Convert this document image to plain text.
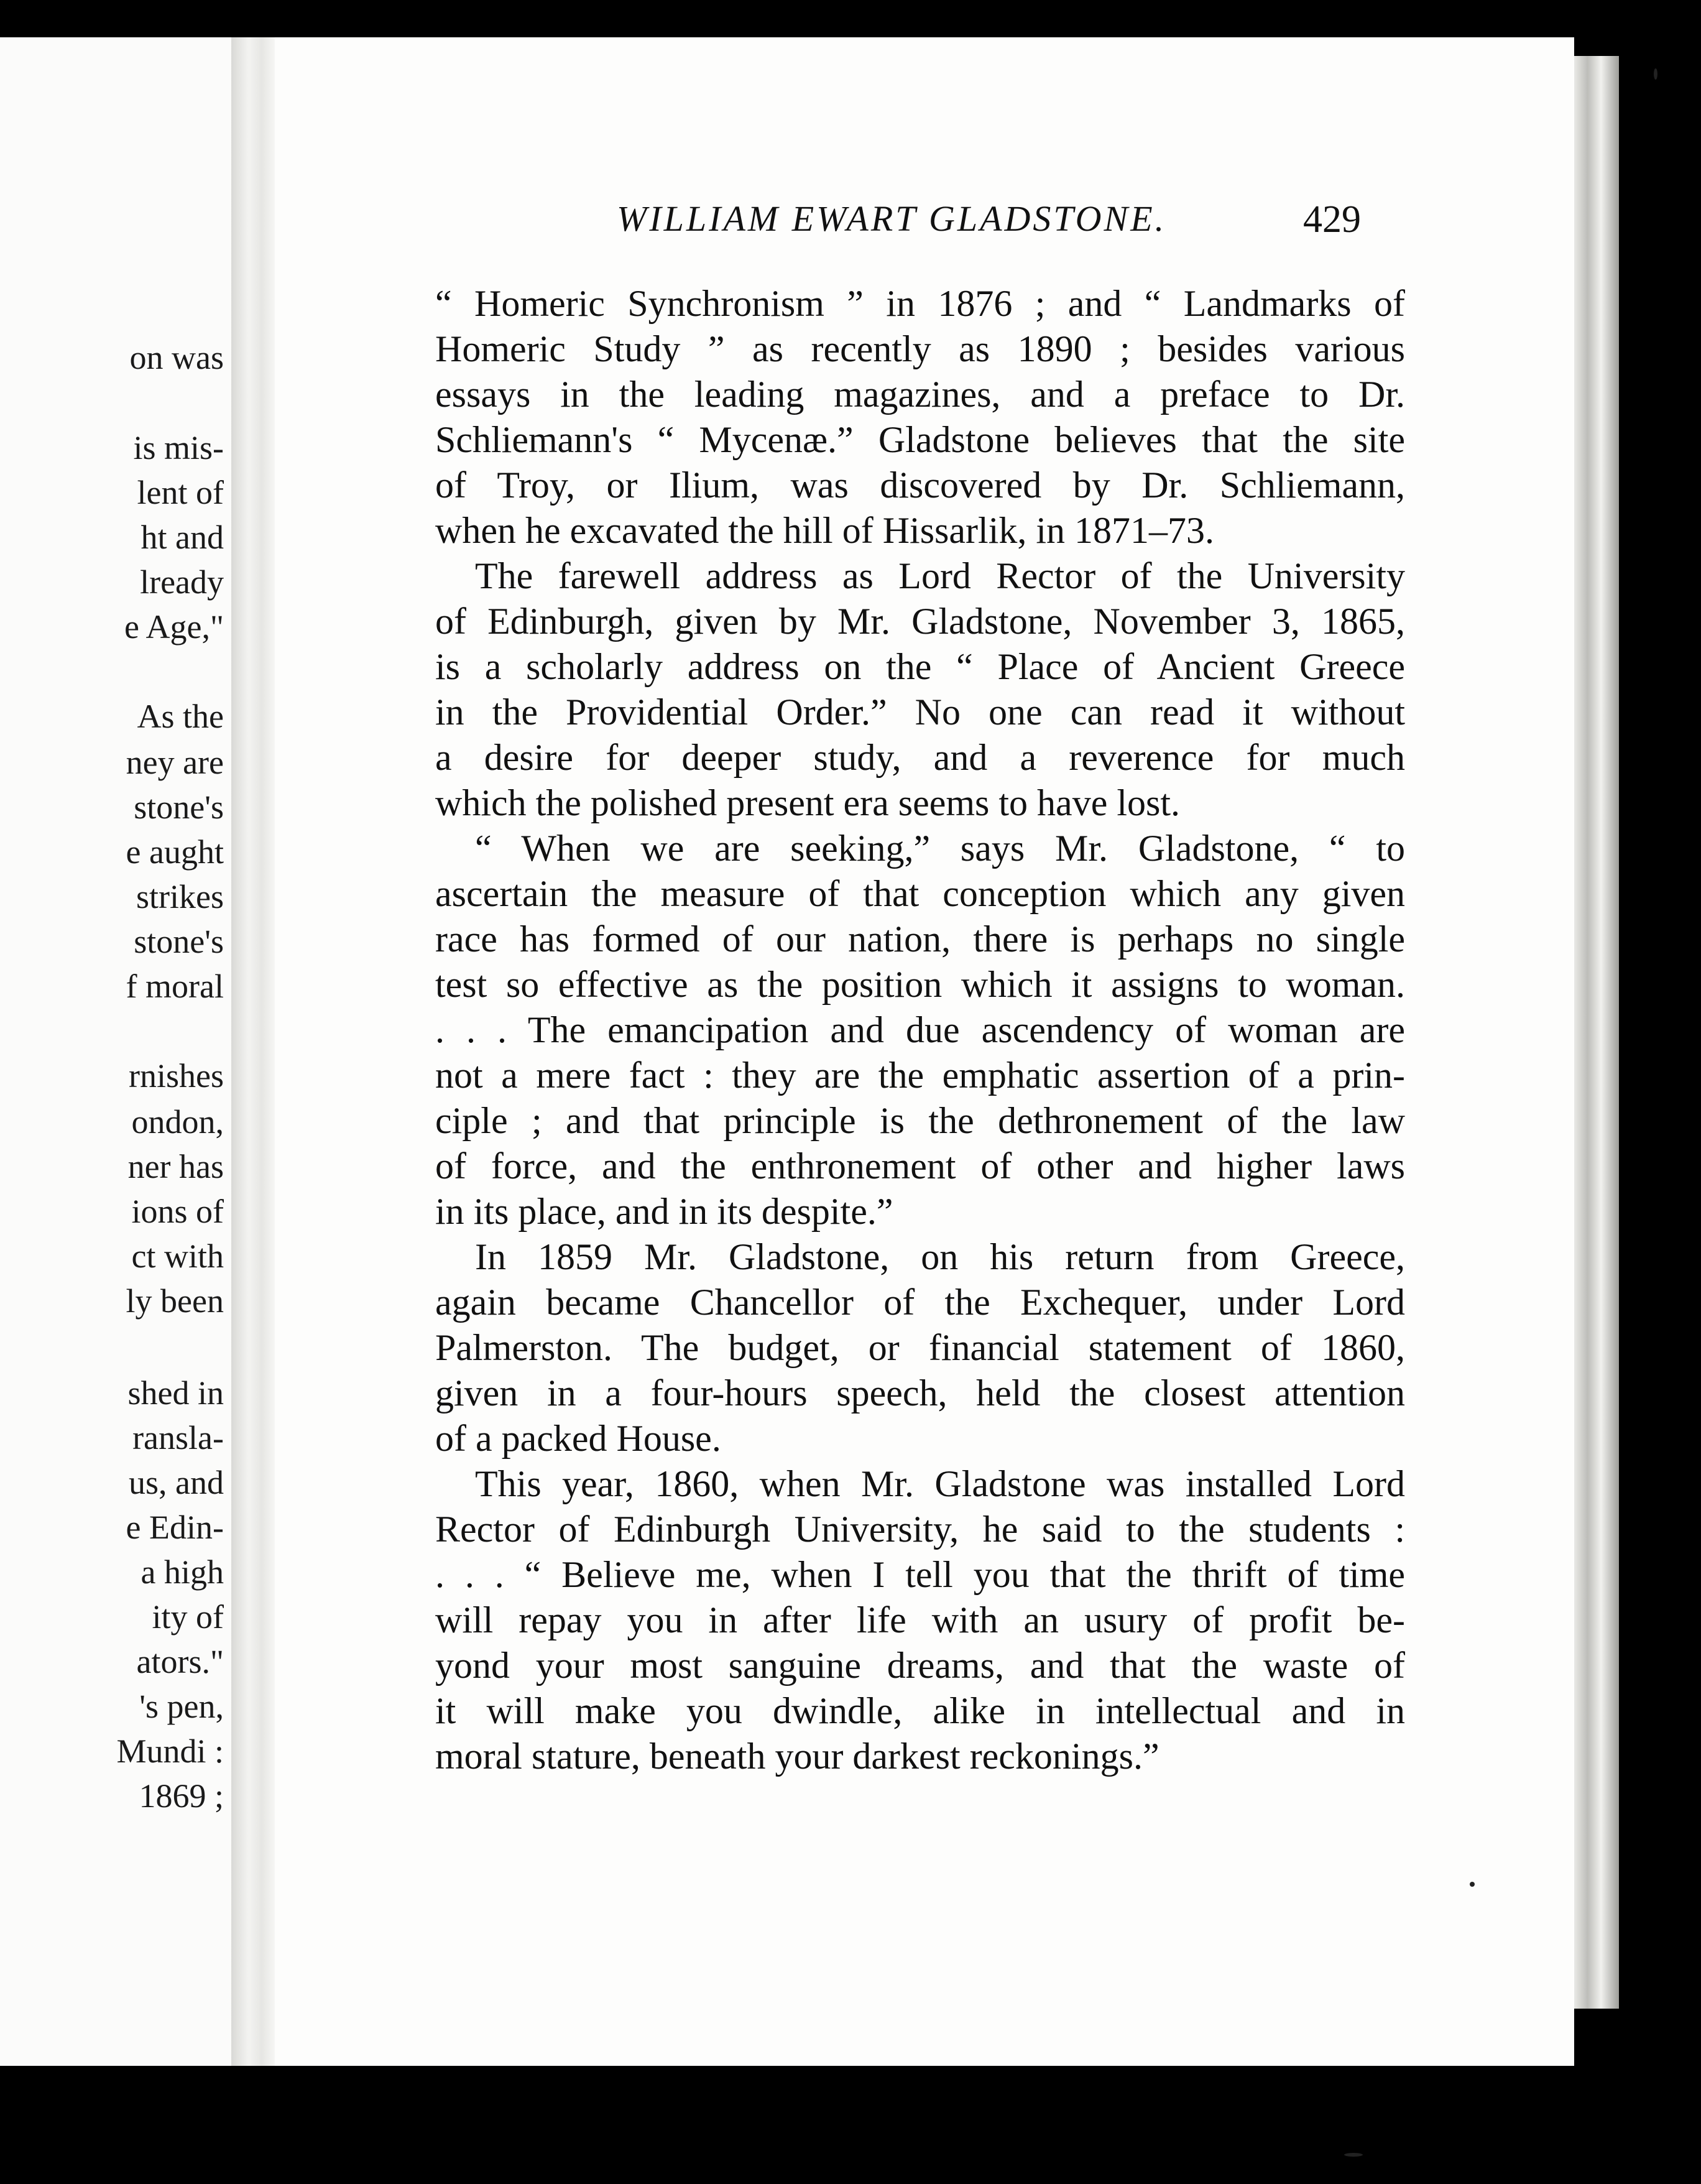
on was
is mis-
lent of
ht and
lready
e Age,"
As the
ney are
stone's
e aught
strikes
stone's
f moral
rnishes
ondon,
ner has
ions of
ct with
ly been
shed in
ransla-
us, and
e Edin-
a high
ity of
ators."
's pen,
Mundi :
1869 ;
WILLIAM EWART GLADSTONE.	429
“ Homeric Synchronism ” in 1876 ; and “ Landmarks of
Homeric Study ” as recently as 1890 ; besides various
essays in the leading magazines, and a preface to Dr.
Schliemann's “ Mycenæ.” Gladstone believes that the site
of Troy, or Ilium, was discovered by Dr. Schliemann,
when he excavated the hill of Hissarlik, in 1871–73.
The farewell address as Lord Rector of the University
of Edinburgh, given by Mr. Gladstone, November 3, 1865,
is a scholarly address on the “ Place of Ancient Greece
in the Providential Order.” No one can read it without
a desire for deeper study, and a reverence for much
which the polished present era seems to have lost.
“ When we are seeking,” says Mr. Gladstone, “ to
ascertain the measure of that conception which any given
race has formed of our nation, there is perhaps no single
test so effective as the position which it assigns to woman.
. . . The emancipation and due ascendency of woman are
not a mere fact : they are the emphatic assertion of a prin-
ciple ; and that principle is the dethronement of the law
of force, and the enthronement of other and higher laws
in its place, and in its despite.”
In 1859 Mr. Gladstone, on his return from Greece,
again became Chancellor of the Exchequer, under Lord
Palmerston. The budget, or financial statement of 1860,
given in a four-hours speech, held the closest attention
of a packed House.
This year, 1860, when Mr. Gladstone was installed Lord
Rector of Edinburgh University, he said to the students :
. . . “ Believe me, when I tell you that the thrift of time
will repay you in after life with an usury of profit be-
yond your most sanguine dreams, and that the waste of
it will make you dwindle, alike in intellectual and in
moral stature, beneath your darkest reckonings.”
